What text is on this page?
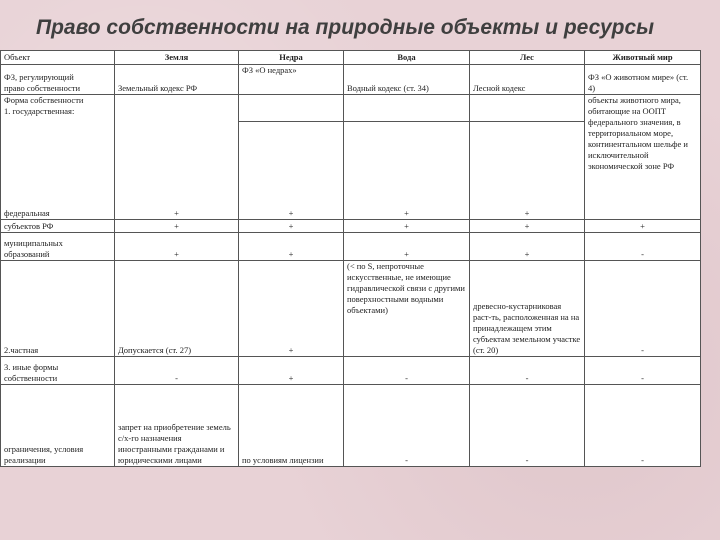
Право собственности на природные объекты и ресурсы
Объект	Земля	Недра	Вода	Лес	Животный мир

ФЗ, регулирующий
право собственности	Земельный кодекс РФ	ФЗ «О недрах»	Водный кодекс (ст. 34)	Лесной кодекс	ФЗ «О животном мире» (ст. 4)

Форма собственности
1. государственная:					объекты животного мира, обитающие на ООПТ федерального значения, в территориальном море, континентальном шельфе и исключительной экономической зоне РФ
федеральная	+	+	+	+	
субъектов РФ	+	+	+	+	+

муниципальных
образований	+	+	+	+	-
2.частная	Допускается (ст. 27)	+	(< по S, непроточные искусственные, не имеющие гидравлической связи с другими поверхностными водными объектами)	древесно-кустарниковая раст-ть, расположенная на на принадлежащем этим субъектам земельном участке (ст. 20)	-

3. иные формы
собственности	-	+	-	-	-

ограничения, условия
реализации	запрет на приобретение земель с/х-го назначения иностранными гражданами и юридическими лицами	по условиям лицензии	-	-	-
